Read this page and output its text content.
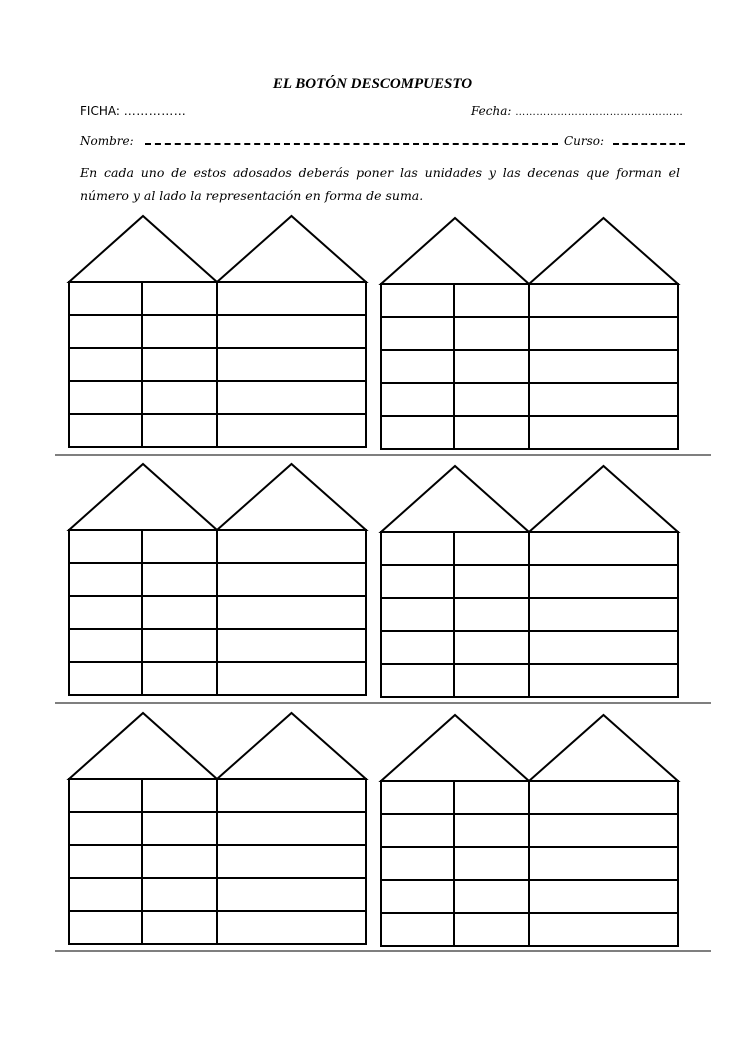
EL BOTÓN DESCOMPUESTO
FICHA: ……………	Fecha: …………………………………………
Nombre:	Curso:
En cada uno de estos adosados deberás poner las unidades y las decenas que forman el número y al lado la representación en forma de suma.
